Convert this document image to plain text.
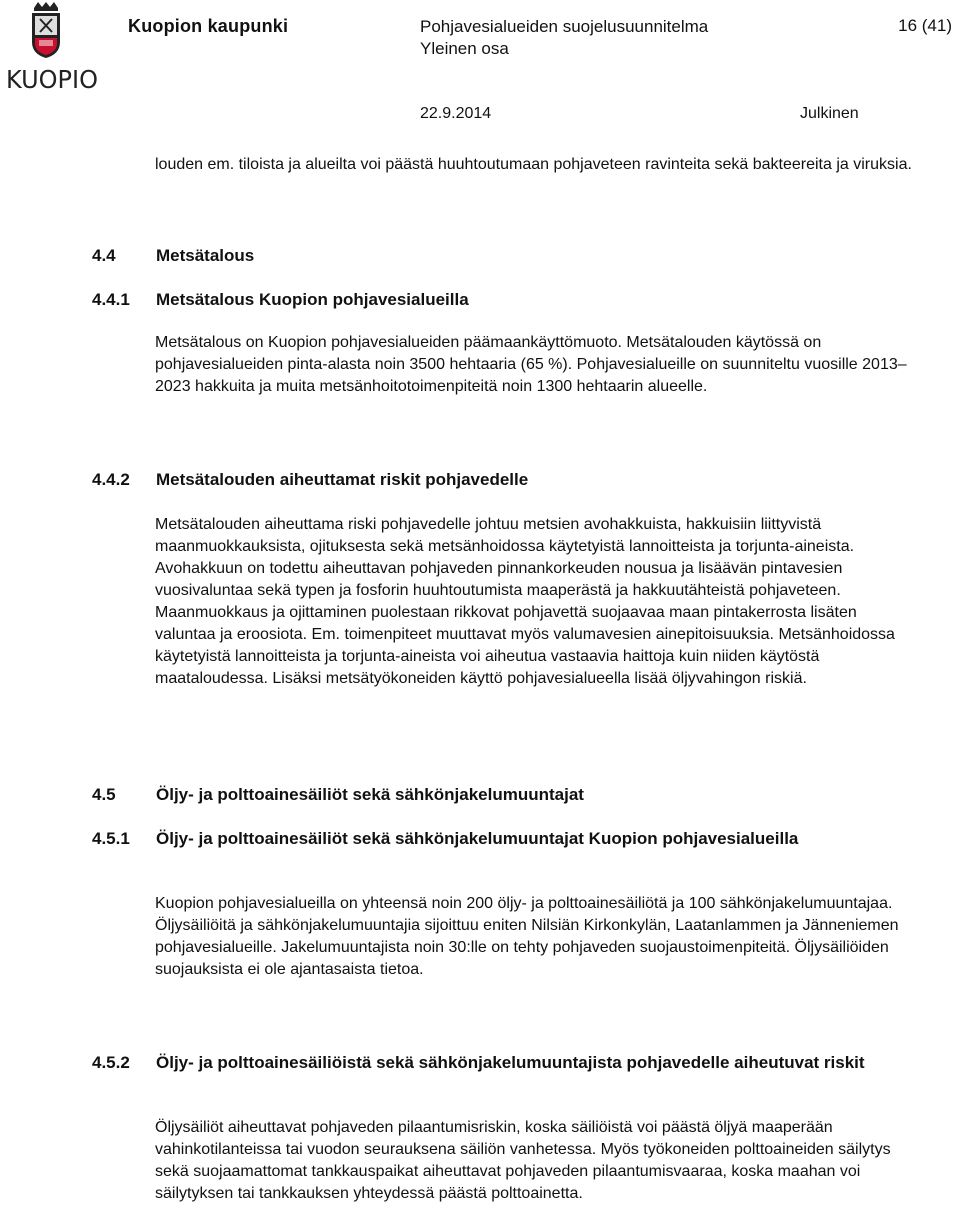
KUOPIO
Kuopion kaupunki	Pohjavesialueiden suojelusuunnitelma
Yleinen osa
16 (41)
22.9.2014	Julkinen

louden em. tiloista ja alueilta voi päästä huuhtoutumaan pohjaveteen ravinteita sekä bakteereita ja viruksia.

4.4	Metsätalous
4.4.1	Metsätalous Kuopion pohjavesialueilla

Metsätalous on Kuopion pohjavesialueiden päämaankäyttömuoto. Metsätalouden käytössä on pohjavesialueiden pinta-alasta noin 3500 hehtaaria (65 %). Pohjavesialueille on suunniteltu vuosille 2013–2023 hakkuita ja muita metsänhoitotoimenpiteitä noin 1300 hehtaarin alueelle.

4.4.2	Metsätalouden aiheuttamat riskit pohjavedelle

Metsätalouden aiheuttama riski pohjavedelle johtuu metsien avohakkuista, hakkuisiin liittyvistä maanmuokkauksista, ojituksesta sekä metsänhoidossa käytetyistä lannoitteista ja torjunta-aineista. Avohakkuun on todettu aiheuttavan pohjaveden pinnankorkeuden nousua ja lisäävän pintavesien vuosivaluntaa sekä typen ja fosforin huuhtoutumista maaperästä ja hakkuutähteistä pohjaveteen. Maanmuokkaus ja ojittaminen puolestaan rikkovat pohjavettä suojaavaa maan pintakerrosta lisäten valuntaa ja eroosiota. Em. toimenpiteet muuttavat myös valumavesien ainepitoisuuksia. Metsänhoidossa käytetyistä lannoitteista ja torjunta-aineista voi aiheutua vastaavia haittoja kuin niiden käytöstä maataloudessa. Lisäksi metsätyökoneiden käyttö pohjavesialueella lisää öljyvahingon riskiä.

4.5	Öljy- ja polttoainesäiliöt sekä sähkönjakelumuuntajat
4.5.1	Öljy- ja polttoainesäiliöt sekä sähkönjakelumuuntajat Kuopion pohjavesialueilla

Kuopion pohjavesialueilla on yhteensä noin 200 öljy- ja polttoainesäiliötä ja 100 sähkönjakelumuuntajaa. Öljysäiliöitä ja sähkönjakelumuuntajia sijoittuu eniten Nilsiän Kirkonkylän, Laatanlammen ja Jänneniemen pohjavesialueille. Jakelumuuntajista noin 30:lle on tehty pohjaveden suojaustoimenpiteitä. Öljysäiliöiden suojauksista ei ole ajantasaista tietoa.

4.5.2	Öljy- ja polttoainesäiliöistä sekä sähkönjakelumuuntajista pohjavedelle aiheutuvat riskit

Öljysäiliöt aiheuttavat pohjaveden pilaantumisriskin, koska säiliöistä voi päästä öljyä maaperään vahinkotilanteissa tai vuodon seurauksena säiliön vanhetessa. Myös työkoneiden polttoaineiden säilytys sekä suojaamattomat tankkauspaikat aiheuttavat pohjaveden pilaantumisvaaraa, koska maahan voi säilytyksen tai tankkauksen yhteydessä päästä polttoainetta.
